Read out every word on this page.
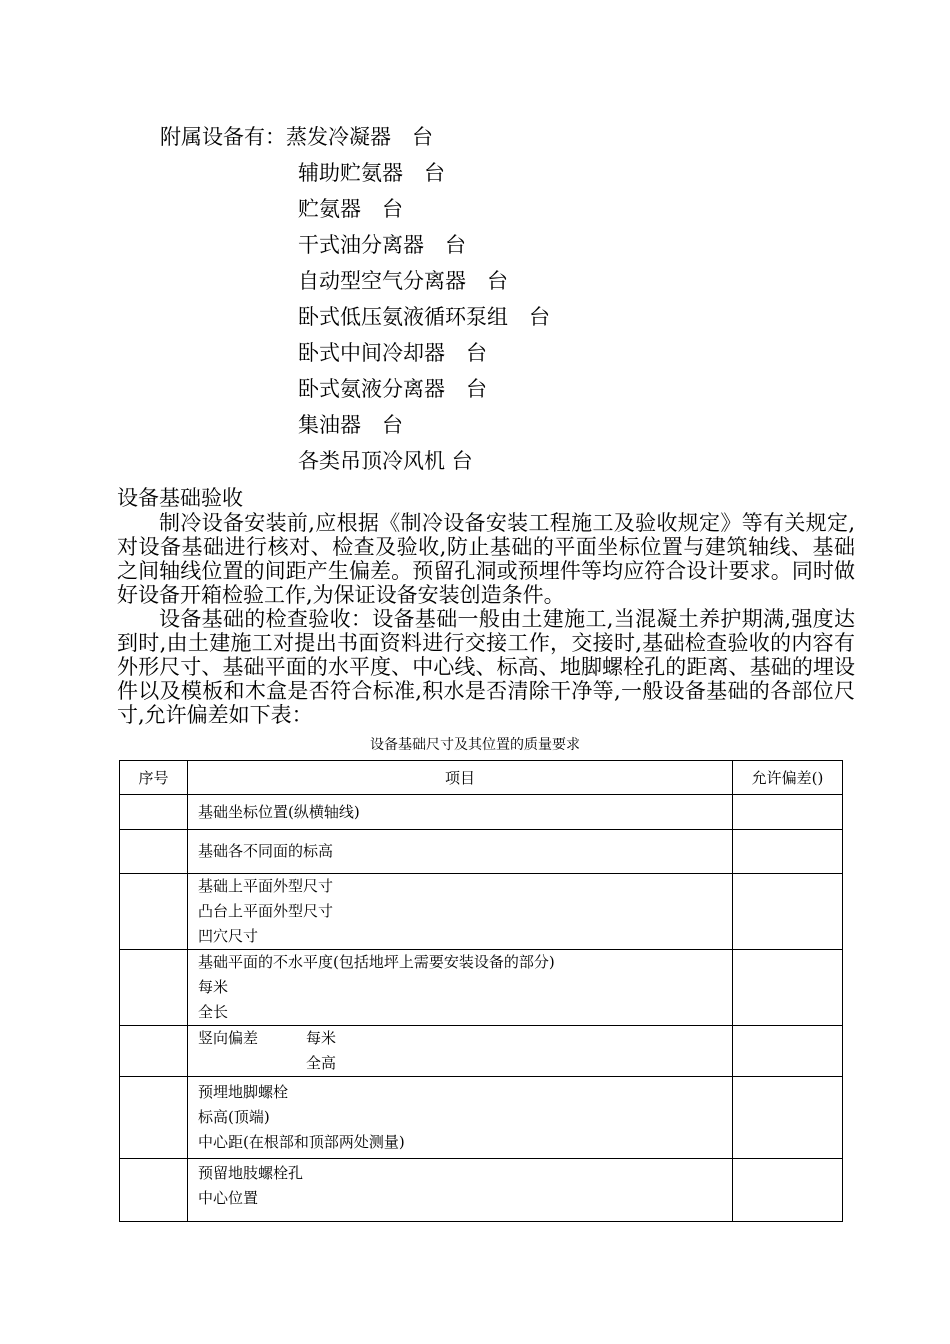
附属设备有：蒸发冷凝器　台
辅助贮氨器　台
贮氨器　台
干式油分离器　台
自动型空气分离器　台
卧式低压氨液循环泵组　台
卧式中间冷却器　台
卧式氨液分离器　台
集油器　台
各类吊顶冷风机 台
设备基础验收

制冷设备安装前,应根据《制冷设备安装工程施工及验收规定》等有关规定,对设备基础进行核对、检查及验收,防止基础的平面坐标位置与建筑轴线、基础之间轴线位置的间距产生偏差。预留孔洞或预埋件等均应符合设计要求。同时做好设备开箱检验工作,为保证设备安装创造条件。

设备基础的检查验收：设备基础一般由土建施工,当混凝土养护期满,强度达到时,由土建施工对提出书面资料进行交接工作，交接时,基础检查验收的内容有外形尺寸、基础平面的水平度、中心线、标高、地脚螺栓孔的距离、基础的埋设件以及模板和木盒是否符合标准,积水是否清除干净等,一般设备基础的各部位尺寸,允许偏差如下表：

设备基础尺寸及其位置的质量要求
序号	项目	允许偏差()

	基础坐标位置(纵横轴线)	

	基础各不同面的标高	

	基础上平面外型尺寸
凸台上平面外型尺寸
凹穴尺寸	

	基础平面的不水平度(包括地坪上需要安装设备的部分)
每米
全长	

	竖向偏差 每米
全高	

	预埋地脚螺栓
标高(顶端)
中心距(在根部和顶部两处测量)	

	预留地肢螺栓孔
中心位置	
